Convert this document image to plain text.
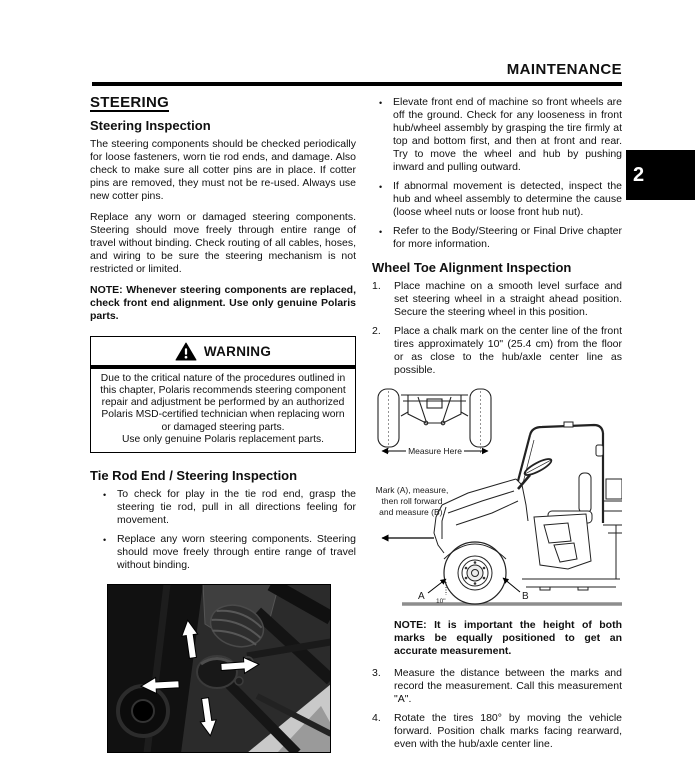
MAINTENANCE
2
STEERING
Steering Inspection

The steering components should be checked periodically for loose fasteners, worn tie rod ends, and damage. Also check to make sure all cotter pins are in place. If cotter pins are removed, they must not be re-used. Always use new cotter pins.

Replace any worn or damaged steering components. Steering should move freely through entire range of travel without binding. Check routing of all cables, hoses, and wiring to be sure the steering mechanism is not restricted or limited.

NOTE: Whenever steering components are replaced, check front end alignment. Use only genuine Polaris parts.

WARNING
Due to the critical nature of the procedures outlined in this chapter, Polaris recommends steering component repair and adjustment be performed by an authorized Polaris MSD-certified technician when replacing worn or damaged steering parts.
Use only genuine Polaris replacement parts.
Tie Rod End / Steering Inspection
•	To check for play in the tie rod end, grasp the steering tie rod, pull in all directions feeling for movement.
•	Replace any worn steering components. Steering should move freely through entire range of travel without binding.
•	Elevate front end of machine so front wheels are off the ground. Check for any looseness in front hub/wheel assembly by grasping the tire firmly at top and bottom first, and then at front and rear. Try to move the wheel and hub by pushing inward and pulling outward.
•	If abnormal movement is detected, inspect the hub and wheel assembly to determine the cause (loose wheel nuts or loose front hub nut).
•	Refer to the Body/Steering or Final Drive chapter for more information.
Wheel Toe Alignment Inspection
1.	Place machine on a smooth level surface and set steering wheel in a straight ahead position. Secure the steering wheel in this position.
2.	Place a chalk mark on the center line of the front tires approximately 10" (25.4 cm) from the floor or as close to the hub/axle center line as possible.
Measure Here
Mark (A), measure,
then roll forward
and measure (B).
A 10"	B

NOTE: It is important the height of both marks be equally positioned to get an accurate measurement.

3.	Measure the distance between the marks and record the measurement. Call this measurement "A".
4.	Rotate the tires 180° by moving the vehicle forward. Position chalk marks facing rearward, even with the hub/axle center line.
